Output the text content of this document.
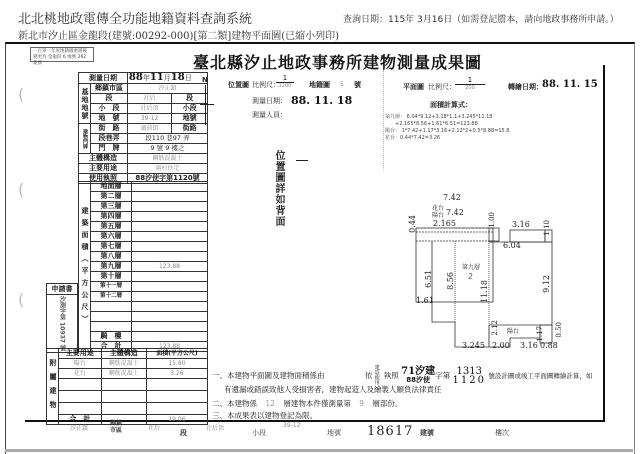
北北桃地政電傳全功能地籍資料查詢系統	查詢日期：115年 3月16日（如需登記謄本，請向地政事務所申請。）
新北市汐止區金龍段(建號:00292-000)[第二類]建物平面圖(已縮小列印)
(
(
(
一百零一年度地籍圖重測後變更為 金龍段 6 地號 292 建號	臺北縣汐止地政事務所建物測量成果圖
測量日期		88年11月18日	
基地地號	鄉鎮市區	汐止鎮	
	段	社后	段
	小　段	社后頂	小段
	地　號	39-12	地號
建物門牌	街　路	湖前街	街路
	段巷弄	段110 巷97 弄	
	門　牌	9 號 9 樓之	
主體構造		鋼筋混凝土	
主要用途		兩村住宅	
使用執照		88汐使字第1120號	
建築面積（平方公尺）	地面層	
	第二層	
	第三層	
	第四層	
	第五層	
	第六層	
	第七層	
	第八層	
	第九層	123.88
	第十層	
	第十一層	
	第十二層	

	騎　樓	
	合　計	123.88
申請書
汐測字第 10937 號
附屬建物	主要用途	主體構造	面積(平方公尺)
	陽台	鋼筋混凝土	15.80
	花台	鋼筋混凝土	3.26

	合　計		19.06
N
位置圖 比例尺：
1
1200	地籍圖 5 號
測量日期： 88. 11. 18
測量人員：
位置圖詳如背面
平面圖 比例尺：
1
200	轉繪日期： 88. 11. 15
面積計算式：
第九層： 6.04*9.12+3.18*1.1+3.245*11.18
　　+2.165*8.56+1.61*6.51=123.88
陽台： 1*7.42+1.17*3.16+2.12*2+0.5*8.88=15.8
花台：0.44*7.42=3.26
7.42
0.44
花台
陽台 7.42
2.165	1.00 3.16 1.10
6.04
6.51 8.56	11.18
第九層
2	9.12
1.61
2.12 陽台 1.17 0.50
3.245 2.00 3.16 0.88
一、本建物平面圖及建物面積係由	依 建造使用執照 71汐建
88汐使 字第 1313
1120 號設計圖或竣工平面圖轉繪計算，如
有遺漏或錯誤致他人受損害者，建物起造人及繪製人願負法律責任
二、本建物係 12 層建物本件僅測量第 9 層部份。
三、本成果表以建物登記為限。
汐止鎮
鄉鎮市區	社后
段
社后頂
小段
39-12
地號 18617 建號	樓次
